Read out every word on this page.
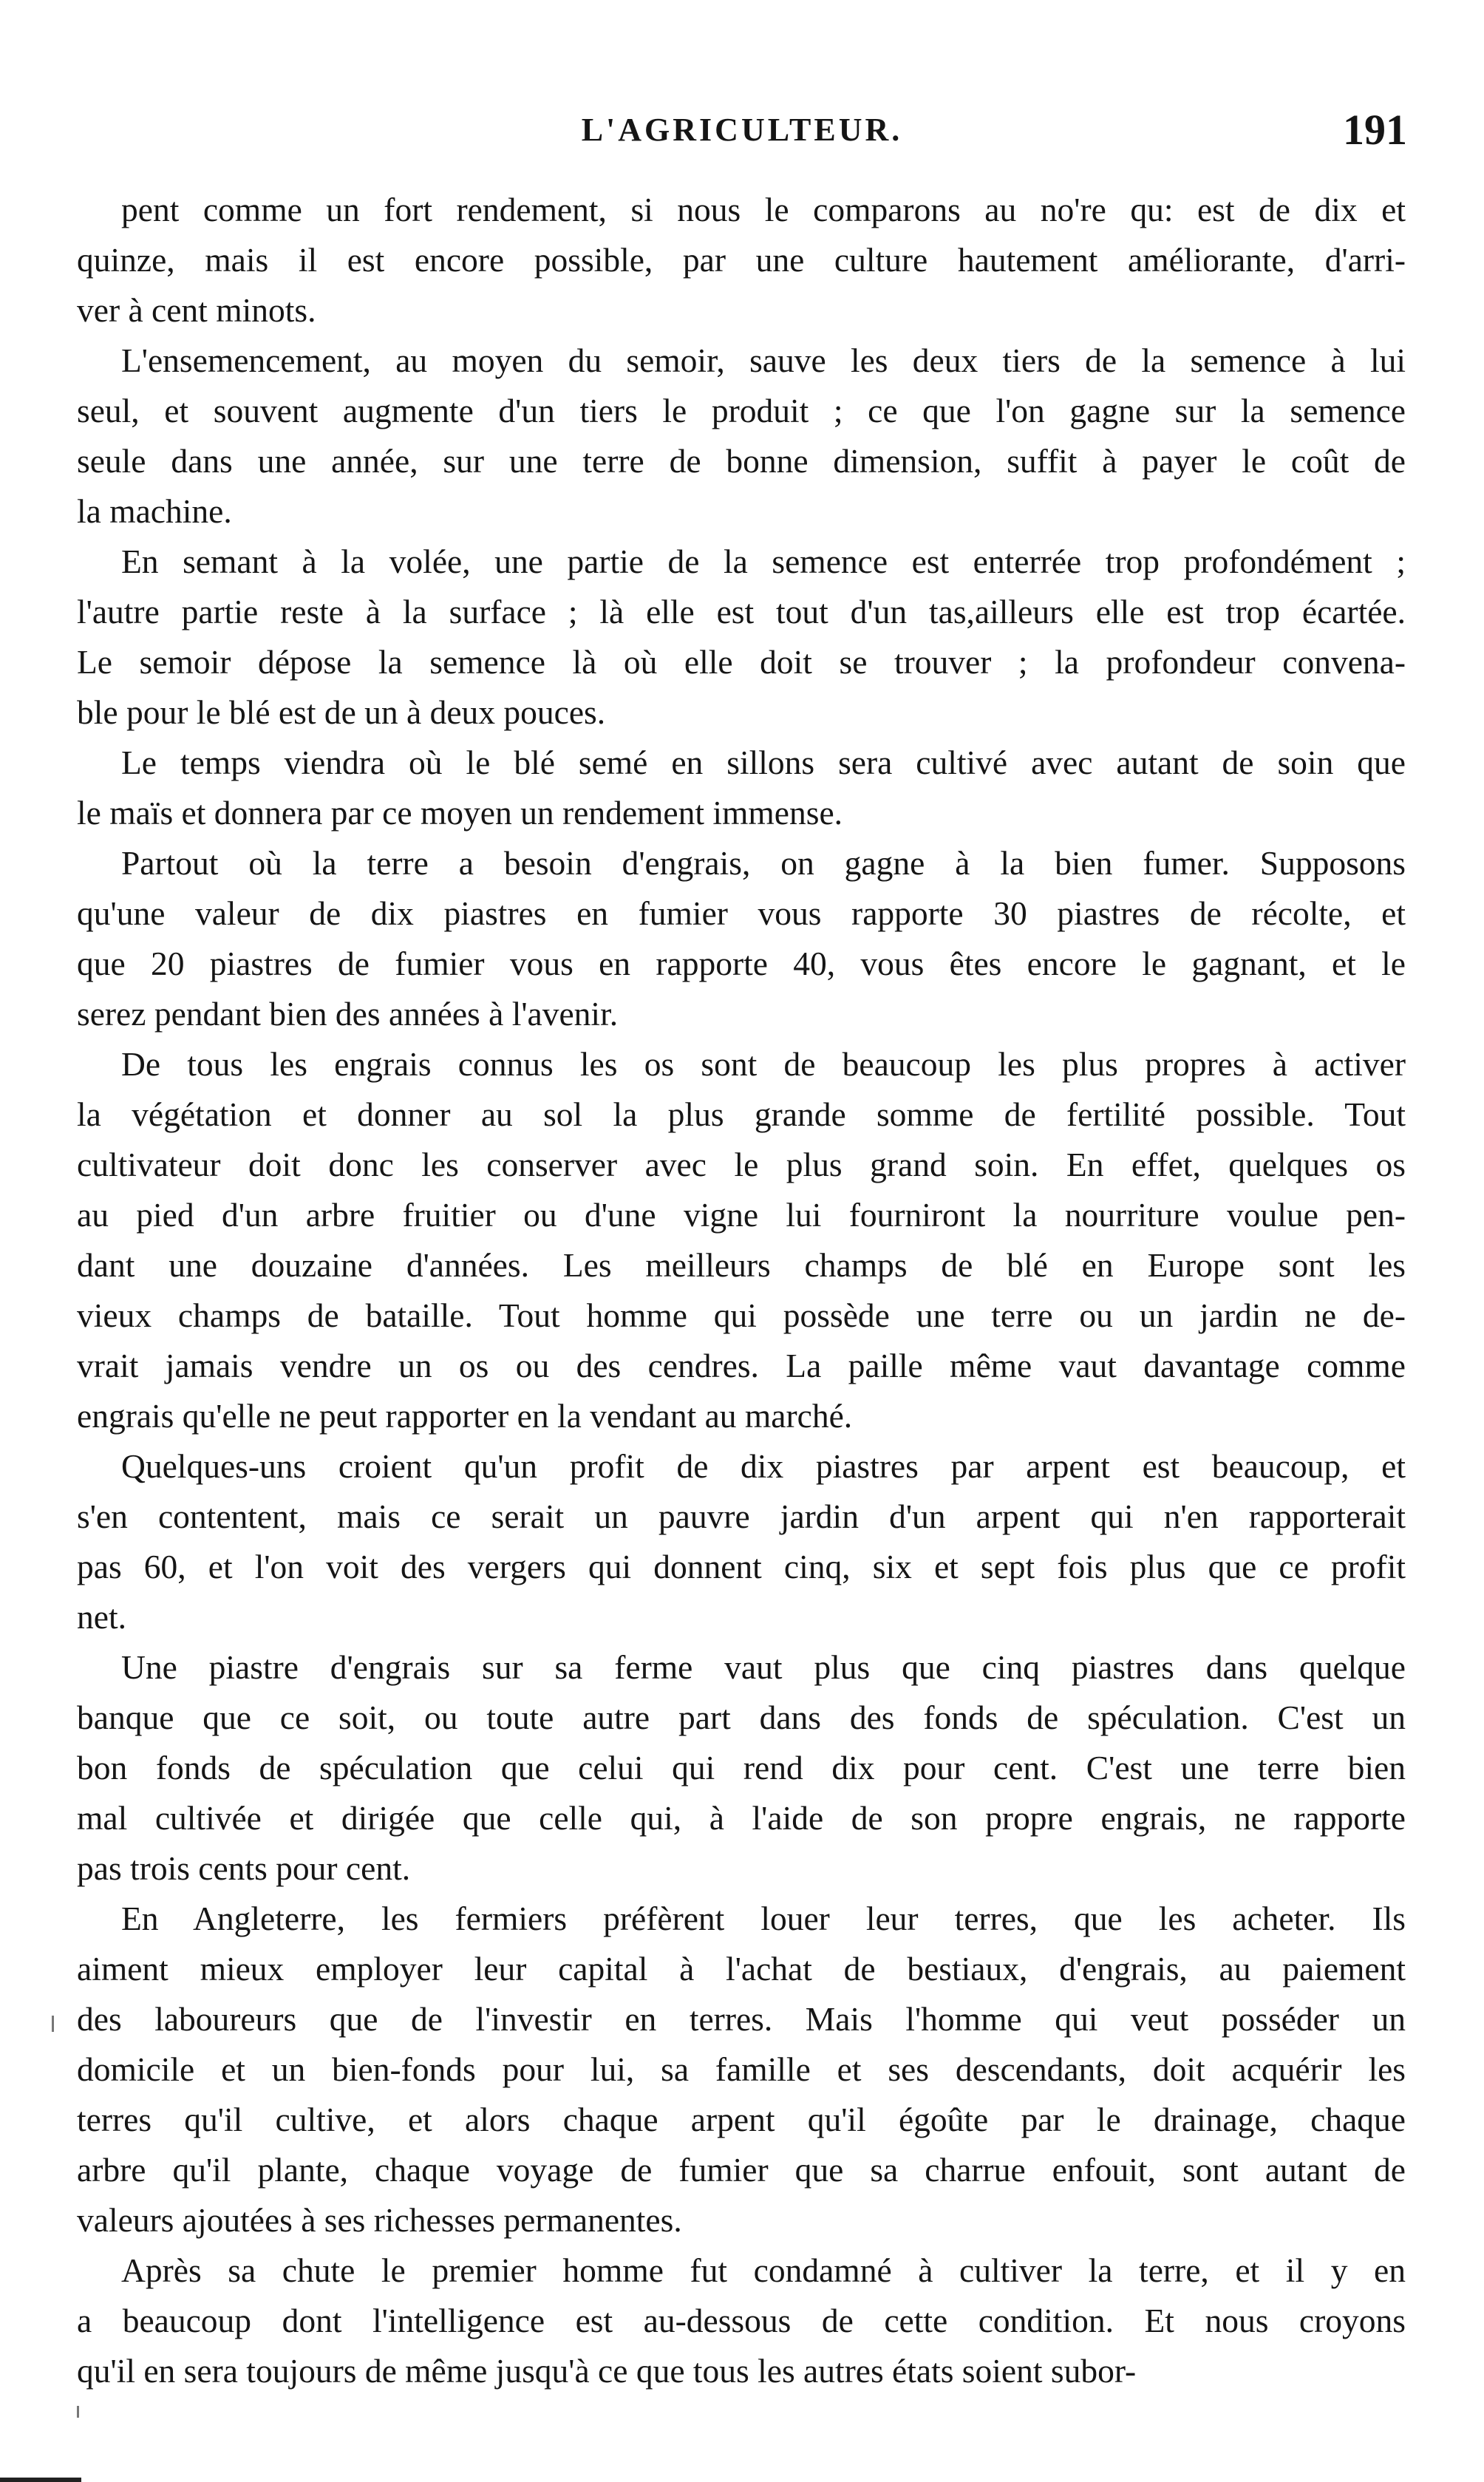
L'AGRICULTEUR.	191
pent comme un fort rendement, si nous le comparons au no're qu: est de dix et
quinze, mais il est encore possible, par une culture hautement améliorante, d'arri-
ver à cent minots.
L'ensemencement, au moyen du semoir, sauve les deux tiers de la semence à lui
seul, et souvent augmente d'un tiers le produit ; ce que l'on gagne sur la semence
seule dans une année, sur une terre de bonne dimension, suffit à payer le coût de
la machine.
En semant à la volée, une partie de la semence est enterrée trop profondément ;
l'autre partie reste à la surface ; là elle est tout d'un tas,ailleurs elle est trop écartée.
Le semoir dépose la semence là où elle doit se trouver ; la profondeur convena-
ble pour le blé est de un à deux pouces.
Le temps viendra où le blé semé en sillons sera cultivé avec autant de soin que
le maïs et donnera par ce moyen un rendement immense.
Partout où la terre a besoin d'engrais, on gagne à la bien fumer. Supposons
qu'une valeur de dix piastres en fumier vous rapporte 30 piastres de récolte, et
que 20 piastres de fumier vous en rapporte 40, vous êtes encore le gagnant, et le
serez pendant bien des années à l'avenir.
De tous les engrais connus les os sont de beaucoup les plus propres à activer
la végétation et donner au sol la plus grande somme de fertilité possible. Tout
cultivateur doit donc les conserver avec le plus grand soin. En effet, quelques os
au pied d'un arbre fruitier ou d'une vigne lui fourniront la nourriture voulue pen-
dant une douzaine d'années. Les meilleurs champs de blé en Europe sont les
vieux champs de bataille. Tout homme qui possède une terre ou un jardin ne de-
vrait jamais vendre un os ou des cendres. La paille même vaut davantage comme
engrais qu'elle ne peut rapporter en la vendant au marché.
Quelques-uns croient qu'un profit de dix piastres par arpent est beaucoup, et
s'en contentent, mais ce serait un pauvre jardin d'un arpent qui n'en rapporterait
pas 60, et l'on voit des vergers qui donnent cinq, six et sept fois plus que ce profit
net.
Une piastre d'engrais sur sa ferme vaut plus que cinq piastres dans quelque
banque que ce soit, ou toute autre part dans des fonds de spéculation. C'est un
bon fonds de spéculation que celui qui rend dix pour cent. C'est une terre bien
mal cultivée et dirigée que celle qui, à l'aide de son propre engrais, ne rapporte
pas trois cents pour cent.
En Angleterre, les fermiers préfèrent louer leur terres, que les acheter. Ils
aiment mieux employer leur capital à l'achat de bestiaux, d'engrais, au paiement
des laboureurs que de l'investir en terres. Mais l'homme qui veut posséder un
domicile et un bien-fonds pour lui, sa famille et ses descendants, doit acquérir les
terres qu'il cultive, et alors chaque arpent qu'il égoûte par le drainage, chaque
arbre qu'il plante, chaque voyage de fumier que sa charrue enfouit, sont autant de
valeurs ajoutées à ses richesses permanentes.
Après sa chute le premier homme fut condamné à cultiver la terre, et il y en
a beaucoup dont l'intelligence est au-dessous de cette condition. Et nous croyons
qu'il en sera toujours de même jusqu'à ce que tous les autres états soient subor-
